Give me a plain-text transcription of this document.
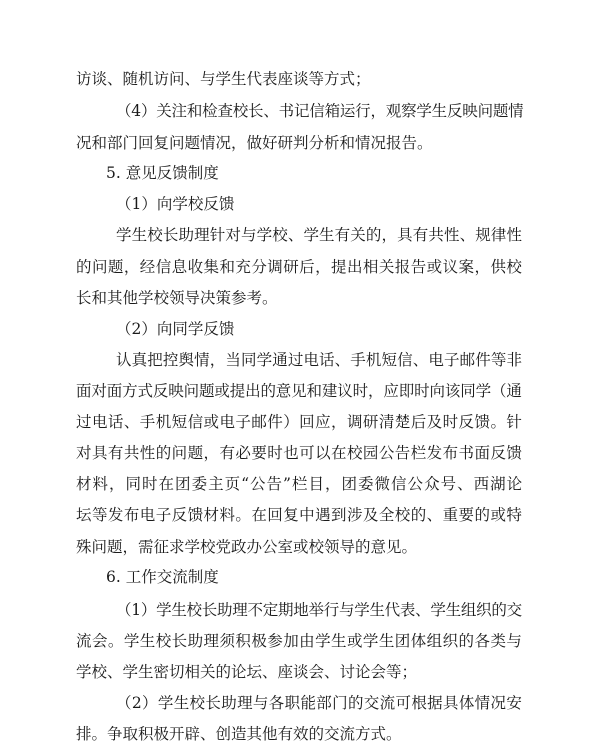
访谈、随机访问、与学生代表座谈等方式；
（4）关注和检查校长、书记信箱运行，观察学生反映问题情
况和部门回复问题情况，做好研判分析和情况报告。
5. 意见反馈制度
（1）向学校反馈
学生校长助理针对与学校、学生有关的，具有共性、规律性
的问题，经信息收集和充分调研后，提出相关报告或议案，供校
长和其他学校领导决策参考。
（2）向同学反馈
认真把控舆情，当同学通过电话、手机短信、电子邮件等非
面对面方式反映问题或提出的意见和建议时，应即时向该同学（通
过电话、手机短信或电子邮件）回应，调研清楚后及时反馈。针
对具有共性的问题，有必要时也可以在校园公告栏发布书面反馈
材料，同时在团委主页“公告”栏目，团委微信公众号、西湖论
坛等发布电子反馈材料。在回复中遇到涉及全校的、重要的或特
殊问题，需征求学校党政办公室或校领导的意见。
6. 工作交流制度
（1）学生校长助理不定期地举行与学生代表、学生组织的交
流会。学生校长助理须积极参加由学生或学生团体组织的各类与
学校、学生密切相关的论坛、座谈会、讨论会等；
（2）学生校长助理与各职能部门的交流可根据具体情况安
排。争取积极开辟、创造其他有效的交流方式。
